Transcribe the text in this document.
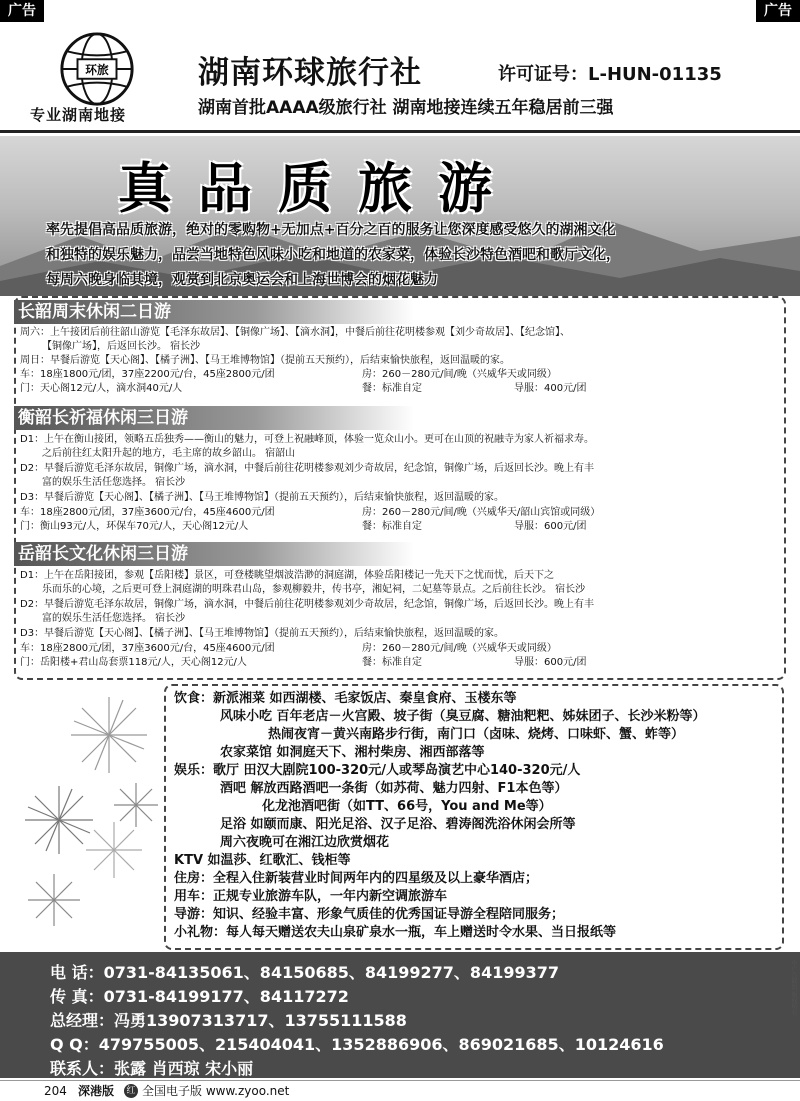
广告	广告
环旅
专业湖南地接
湖南环球旅行社	许可证号：L-HUN-01135
湖南首批AAAA级旅行社 湖南地接连续五年稳居前三强
真品质旅游
率先提倡高品质旅游，绝对的零购物+无加点+百分之百的服务让您深度感受悠久的湖湘文化
和独特的娱乐魅力，品尝当地特色风味小吃和地道的农家菜，体验长沙特色酒吧和歌厅文化，
每周六晚身临其境，观赏到北京奥运会和上海世博会的烟花魅力
长韶周末休闲二日游
周六：上午接团后前往韶山游览【毛泽东故居】、【铜像广场】、【滴水洞】，中餐后前往花明楼参观【刘少奇故居】、【纪念馆】、
【铜像广场】，后返回长沙。 宿长沙
周日：早餐后游览【天心阁】、【橘子洲】、【马王堆博物馆】（提前五天预约），后结束愉快旅程，返回温暖的家。
车：18座1800元/团，37座2200元/台，45座2800元/团	房：260－280元/间/晚（兴威华天或同级）
门：天心阁12元/人，滴水洞40元/人	餐：标准自定	导服：400元/团
衡韶长祈福休闲三日游
D1：上午在衡山接团，领略五岳独秀——衡山的魅力，可登上祝融峰顶，体验一览众山小。更可在山顶的祝融寺为家人祈福求寿。
之后前往红太阳升起的地方，毛主席的故乡韶山。 宿韶山
D2：早餐后游览毛泽东故居，铜像广场，滴水洞，中餐后前往花明楼参观刘少奇故居，纪念馆，铜像广场，后返回长沙。晚上有丰
富的娱乐生活任您选择。 宿长沙
D3：早餐后游览【天心阁】、【橘子洲】、【马王堆博物馆】（提前五天预约），后结束愉快旅程，返回温暖的家。
车：18座2800元/团，37座3600元/台，45座4600元/团	房：260－280元/间/晚（兴威华天/韶山宾馆或同级）
门：衡山93元/人，环保车70元/人，天心阁12元/人	餐：标准自定	导服：600元/团
岳韶长文化休闲三日游
D1：上午在岳阳接团，参观【岳阳楼】景区，可登楼眺望烟波浩渺的洞庭湖，体验岳阳楼记一先天下之忧而忧，后天下之
乐而乐的心境，之后更可登上洞庭湖的明珠君山岛，参观柳毅井，传书亭，湘妃祠，二妃墓等景点。之后前往长沙。 宿长沙
D2：早餐后游览毛泽东故居，铜像广场，滴水洞，中餐后前往花明楼参观刘少奇故居，纪念馆，铜像广场，后返回长沙。晚上有丰
富的娱乐生活任您选择。 宿长沙
D3：早餐后游览【天心阁】、【橘子洲】、【马王堆博物馆】（提前五天预约），后结束愉快旅程，返回温暖的家。
车：18座2800元/团，37座3600元/台，45座4600元/团	房：260－280元/间/晚（兴威华天或同级）
门：岳阳楼+君山岛套票118元/人，天心阁12元/人	餐：标准自定	导服：600元/团
饮食：新派湘菜 如西湖楼、毛家饭店、秦皇食府、玉楼东等
风味小吃 百年老店－火宫殿、坡子街（臭豆腐、糖油粑粑、姊妹团子、长沙米粉等）
热闹夜宵－黄兴南路步行街，南门口（卤味、烧烤、口味虾、蟹、蚱等）
农家菜馆 如洞庭天下、湘村柴房、湘西部落等
娱乐：歌厅 田汉大剧院100-320元/人或琴岛演艺中心140-320元/人
酒吧 解放西路酒吧一条街（如苏荷、魅力四射、F1本色等）
化龙池酒吧街（如TT、66号，You and Me等）
足浴 如颐而康、阳光足浴、汉子足浴、碧涛阁洗浴休闲会所等
周六夜晚可在湘江边欣赏烟花
KTV 如温莎、红歌汇、钱柜等
住房：全程入住新装营业时间两年内的四星级及以上豪华酒店；
用车：正规专业旅游车队，一年内新空调旅游车
导游：知识、经验丰富、形象气质佳的优秀国证导游全程陪同服务；
小礼物：每人每天赠送农夫山泉矿泉水一瓶，车上赠送时令水果、当日报纸等
电 话：0731-84135061、84150685、84199277、84199377
传 真：0731-84199177、84117272
总经理：冯勇13907313717、13755111588
Q Q：479755005、215404041、1352886906、869021685、10124616
联系人：张露 肖西琼 宋小丽
中广告联盟 版权所有
204 深港版 红 全国电子版 www.zyoo.net
